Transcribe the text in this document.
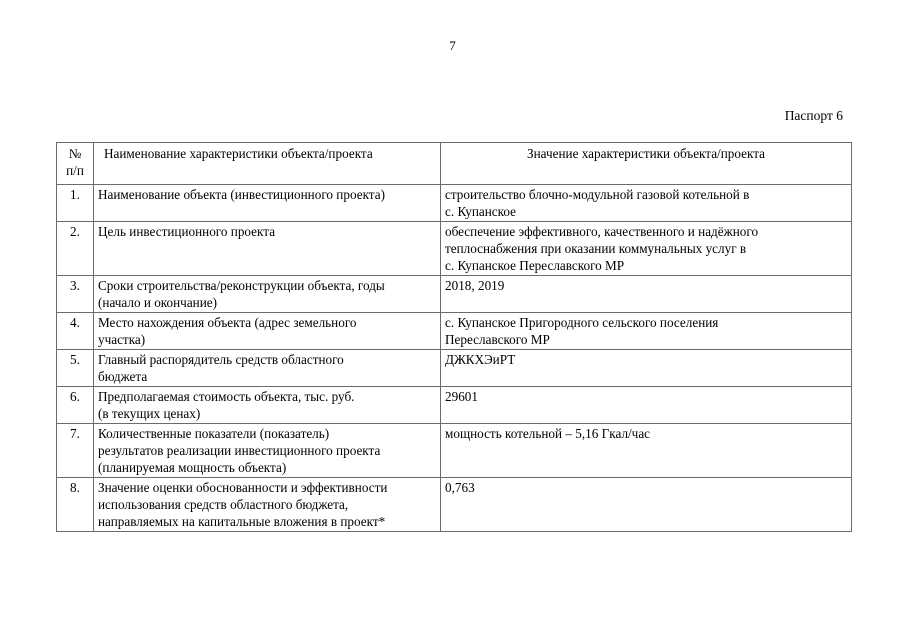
7
Паспорт 6
№
п/п	Наименование характеристики объекта/проекта	Значение характеристики объекта/проекта
1.	Наименование объекта (инвестиционного проекта)	строительство блочно-модульной газовой котельной в
с. Купанское
2.	Цель инвестиционного проекта	обеспечение эффективного, качественного и надёжного
теплоснабжения при оказании коммунальных услуг в
с. Купанское Переславского МР
3.	Сроки строительства/реконструкции объекта, годы
(начало и окончание)	2018, 2019
4.	Место нахождения объекта (адрес земельного
участка)	с. Купанское Пригородного сельского поселения
Переславского МР
5.	Главный распорядитель средств областного
бюджета	ДЖКХЭиРТ
6.	Предполагаемая стоимость объекта, тыс. руб.
(в текущих ценах)	29601
7.	Количественные показатели (показатель)
результатов реализации инвестиционного проекта
(планируемая мощность объекта)	мощность котельной – 5,16 Гкал/час
8.	Значение оценки обоснованности и эффективности
использования средств областного бюджета,
направляемых на капитальные вложения в проект*	0,763
